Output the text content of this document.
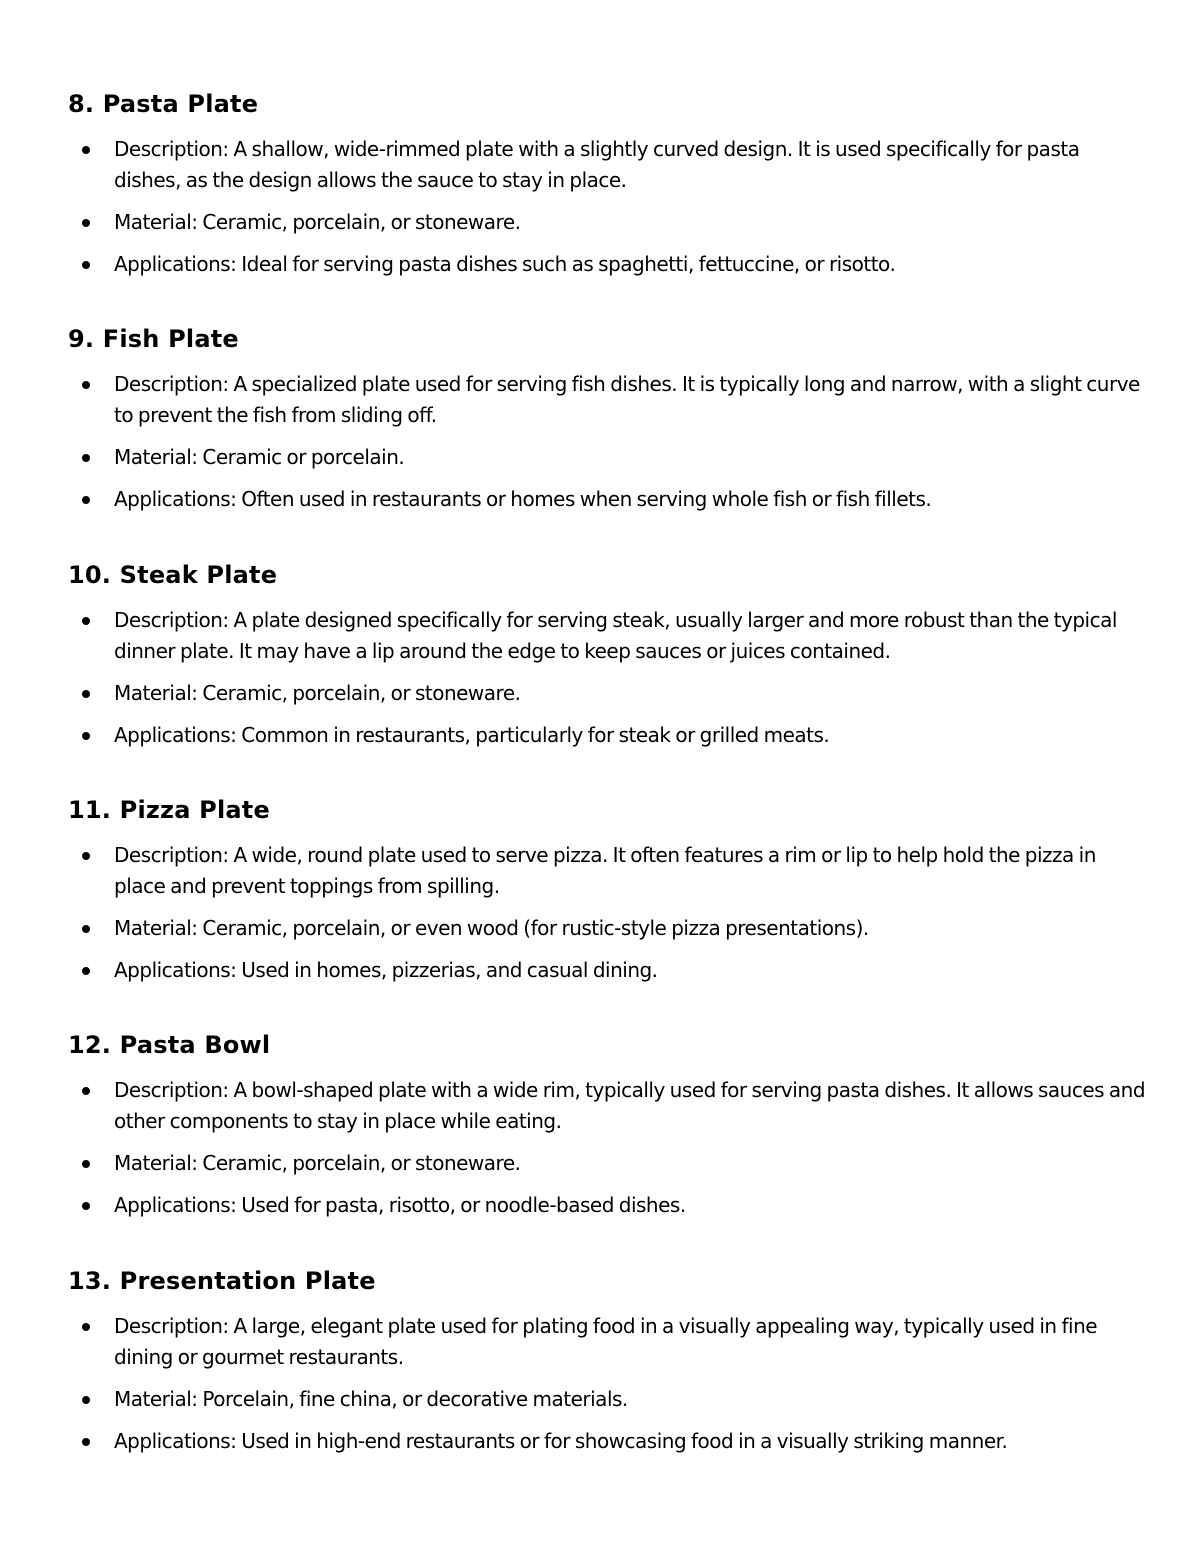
8. Pasta Plate
Description: A shallow, wide-rimmed plate with a slightly curved design. It is used specifically for pasta dishes, as the design allows the sauce to stay in place.
Material: Ceramic, porcelain, or stoneware.
Applications: Ideal for serving pasta dishes such as spaghetti, fettuccine, or risotto.
9. Fish Plate
Description: A specialized plate used for serving fish dishes. It is typically long and narrow, with a slight curve to prevent the fish from sliding off.
Material: Ceramic or porcelain.
Applications: Often used in restaurants or homes when serving whole fish or fish fillets.
10. Steak Plate
Description: A plate designed specifically for serving steak, usually larger and more robust than the typical dinner plate. It may have a lip around the edge to keep sauces or juices contained.
Material: Ceramic, porcelain, or stoneware.
Applications: Common in restaurants, particularly for steak or grilled meats.
11. Pizza Plate
Description: A wide, round plate used to serve pizza. It often features a rim or lip to help hold the pizza in place and prevent toppings from spilling.
Material: Ceramic, porcelain, or even wood (for rustic-style pizza presentations).
Applications: Used in homes, pizzerias, and casual dining.
12. Pasta Bowl
Description: A bowl-shaped plate with a wide rim, typically used for serving pasta dishes. It allows sauces and other components to stay in place while eating.
Material: Ceramic, porcelain, or stoneware.
Applications: Used for pasta, risotto, or noodle-based dishes.
13. Presentation Plate
Description: A large, elegant plate used for plating food in a visually appealing way, typically used in fine dining or gourmet restaurants.
Material: Porcelain, fine china, or decorative materials.
Applications: Used in high-end restaurants or for showcasing food in a visually striking manner.
